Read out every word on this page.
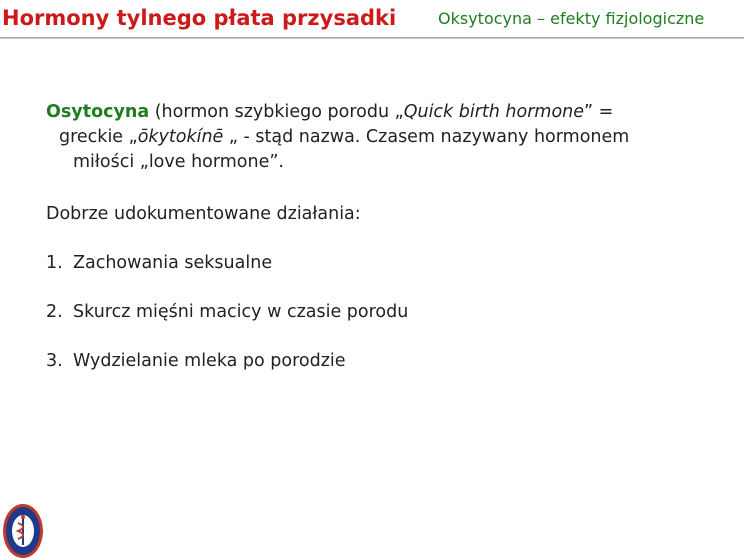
Hormony tylnego płata przysadki	Oksytocyna – efekty fizjologiczne

Osytocyna (hormon szybkiego porodu „Quick birth hormone” =
greckie „ōkytokínē „ - stąd nazwa. Czasem nazywany hormonem
miłości „love hormone”.

Dobrze udokumentowane działania:
1. Zachowania seksualne
2. Skurcz mięśni macicy w czasie porodu
3. Wydzielanie mleka po porodzie
